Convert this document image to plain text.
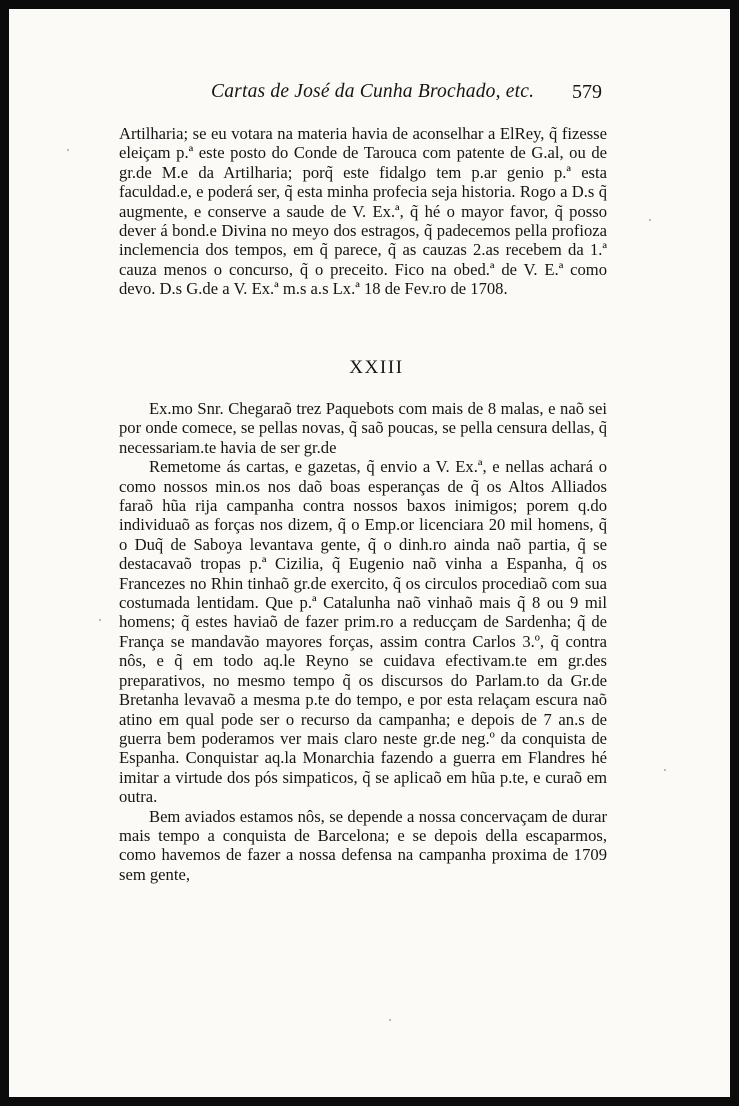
Cartas de José da Cunha Brochado, etc. 579

Artilharia; se eu votara na materia havia de aconselhar a ElRey, q̃ fizesse eleiçam p.ª este posto do Conde de Tarouca com patente de G.al, ou de gr.de M.e da Artilharia; porq̃ este fidalgo tem p.ar genio p.ª esta faculdad.e, e poderá ser, q̃ esta minha profecia seja historia. Rogo a D.s q̃ augmente, e conserve a saude de V. Ex.ª, q̃ hé o mayor favor, q̃ posso dever á bond.e Divina no meyo dos estragos, q̃ padecemos pella profioza inclemencia dos tempos, em q̃ parece, q̃ as cauzas 2.as recebem da 1.ª cauza menos o concurso, q̃ o preceito. Fico na obed.ª de V. E.ª como devo. D.s G.de a V. Ex.ª m.s a.s Lx.ª 18 de Fev.ro de 1708.

XXIII

Ex.mo Snr. Chegaraõ trez Paquebots com mais de 8 malas, e naõ sei por onde comece, se pellas novas, q̃ saõ poucas, se pella censura dellas, q̃ necessariam.te havia de ser gr.de

Remetome ás cartas, e gazetas, q̃ envio a V. Ex.ª, e nellas achará o como nossos min.os nos daõ boas esperanças de q̃ os Altos Alliados faraõ hũa rija campanha contra nossos baxos inimigos; porem q.do individuaõ as forças nos dizem, q̃ o Emp.or licenciara 20 mil homens, q̃ o Duq̃ de Saboya levantava gente, q̃ o dinh.ro ainda naõ partia, q̃ se destacavaõ tropas p.ª Cizilia, q̃ Eugenio naõ vinha a Espanha, q̃ os Francezes no Rhin tinhaõ gr.de exercito, q̃ os circulos procediaõ com sua costumada lentidam. Que p.ª Catalunha naõ vinhaõ mais q̃ 8 ou 9 mil homens; q̃ estes haviaõ de fazer prim.ro a reducçam de Sardenha; q̃ de França se mandavão mayores forças, assim contra Carlos 3.º, q̃ contra nôs, e q̃ em todo aq.le Reyno se cuidava efectivam.te em gr.des preparativos, no mesmo tempo q̃ os discursos do Parlam.to da Gr.de Bretanha levavaõ a mesma p.te do tempo, e por esta relaçam escura naõ atino em qual pode ser o recurso da campanha; e depois de 7 an.s de guerra bem poderamos ver mais claro neste gr.de neg.º da conquista de Espanha. Conquistar aq.la Monarchia fazendo a guerra em Flandres hé imitar a virtude dos pós simpaticos, q̃ se aplicaõ em hũa p.te, e curaõ em outra.

Bem aviados estamos nôs, se depende a nossa concervaçam de durar mais tempo a conquista de Barcelona; e se depois della escaparmos, como havemos de fazer a nossa defensa na campanha proxima de 1709 sem gente,
